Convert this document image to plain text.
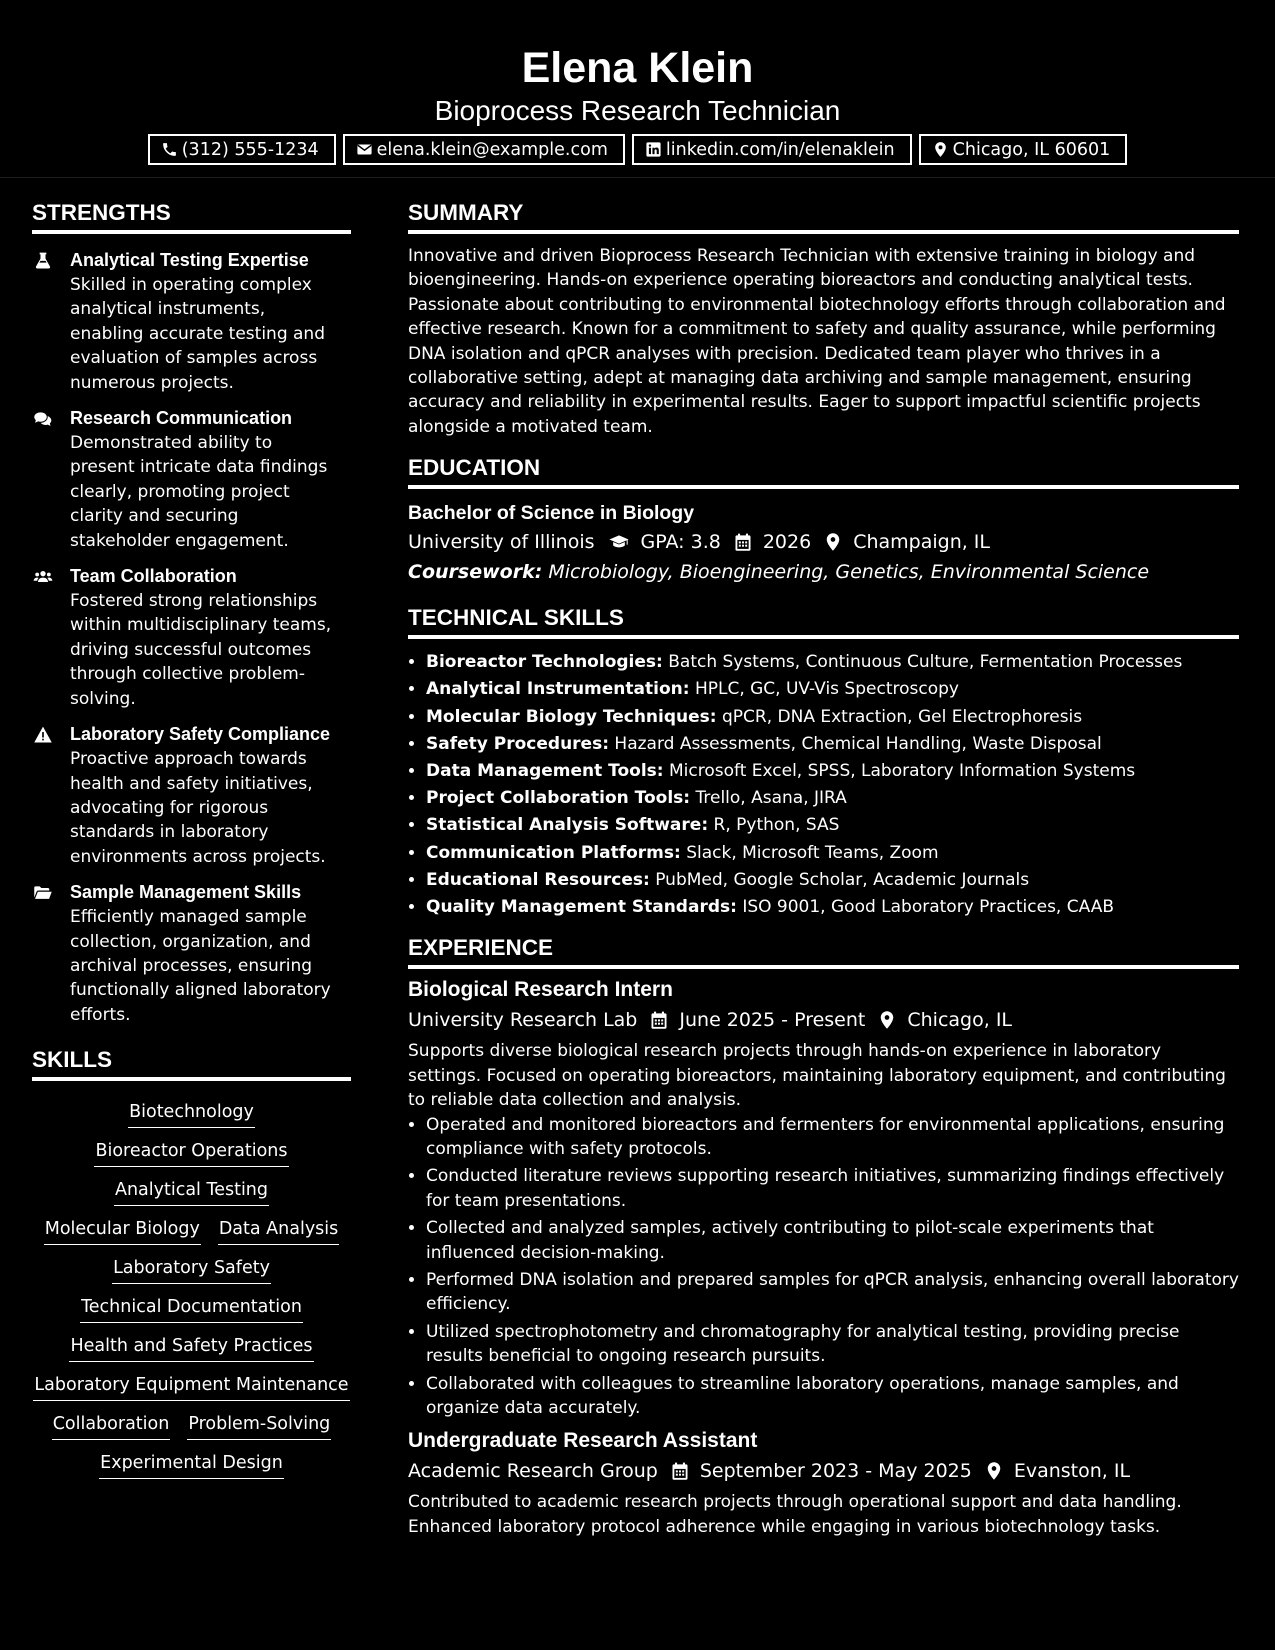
Elena Klein
Bioprocess Research Technician
(312) 555-1234	elena.klein@example.com	linkedin.com/in/elenaklein	Chicago, IL 60601
STRENGTHS
Analytical Testing Expertise
Skilled in operating complex analytical instruments, enabling accurate testing and evaluation of samples across numerous projects.
Research Communication
Demonstrated ability to present intricate data findings clearly, promoting project clarity and securing stakeholder engagement.
Team Collaboration
Fostered strong relationships within multidisciplinary teams, driving successful outcomes through collective problem-solving.
Laboratory Safety Compliance
Proactive approach towards health and safety initiatives, advocating for rigorous standards in laboratory environments across projects.
Sample Management Skills
Efficiently managed sample collection, organization, and archival processes, ensuring functionally aligned laboratory efforts.
SKILLS
Biotechnology
Bioreactor Operations
Analytical Testing
Molecular Biology Data Analysis
Laboratory Safety
Technical Documentation
Health and Safety Practices
Laboratory Equipment Maintenance
Collaboration Problem-Solving
Experimental Design
SUMMARY

Innovative and driven Bioprocess Research Technician with extensive training in biology and bioengineering. Hands-on experience operating bioreactors and conducting analytical tests. Passionate about contributing to environmental biotechnology efforts through collaboration and effective research. Known for a commitment to safety and quality assurance, while performing DNA isolation and qPCR analyses with precision. Dedicated team player who thrives in a collaborative setting, adept at managing data archiving and sample management, ensuring accuracy and reliability in experimental results. Eager to support impactful scientific projects alongside a motivated team.

EDUCATION
Bachelor of Science in Biology
University of Illinois GPA: 3.8 2026 Champaign, IL
Coursework: Microbiology, Bioengineering, Genetics, Environmental Science
TECHNICAL SKILLS
• Bioreactor Technologies: Batch Systems, Continuous Culture, Fermentation Processes
• Analytical Instrumentation: HPLC, GC, UV-Vis Spectroscopy
• Molecular Biology Techniques: qPCR, DNA Extraction, Gel Electrophoresis
• Safety Procedures: Hazard Assessments, Chemical Handling, Waste Disposal
• Data Management Tools: Microsoft Excel, SPSS, Laboratory Information Systems
• Project Collaboration Tools: Trello, Asana, JIRA
• Statistical Analysis Software: R, Python, SAS
• Communication Platforms: Slack, Microsoft Teams, Zoom
• Educational Resources: PubMed, Google Scholar, Academic Journals
• Quality Management Standards: ISO 9001, Good Laboratory Practices, CAAB
EXPERIENCE
Biological Research Intern
University Research Lab June 2025 - Present Chicago, IL

Supports diverse biological research projects through hands-on experience in laboratory settings. Focused on operating bioreactors, maintaining laboratory equipment, and contributing to reliable data collection and analysis.

• Operated and monitored bioreactors and fermenters for environmental applications, ensuring compliance with safety protocols.
• Conducted literature reviews supporting research initiatives, summarizing findings effectively for team presentations.
• Collected and analyzed samples, actively contributing to pilot-scale experiments that influenced decision-making.
• Performed DNA isolation and prepared samples for qPCR analysis, enhancing overall laboratory efficiency.
• Utilized spectrophotometry and chromatography for analytical testing, providing precise results beneficial to ongoing research pursuits.
• Collaborated with colleagues to streamline laboratory operations, manage samples, and organize data accurately.
Undergraduate Research Assistant
Academic Research Group September 2023 - May 2025 Evanston, IL

Contributed to academic research projects through operational support and data handling. Enhanced laboratory protocol adherence while engaging in various biotechnology tasks.
